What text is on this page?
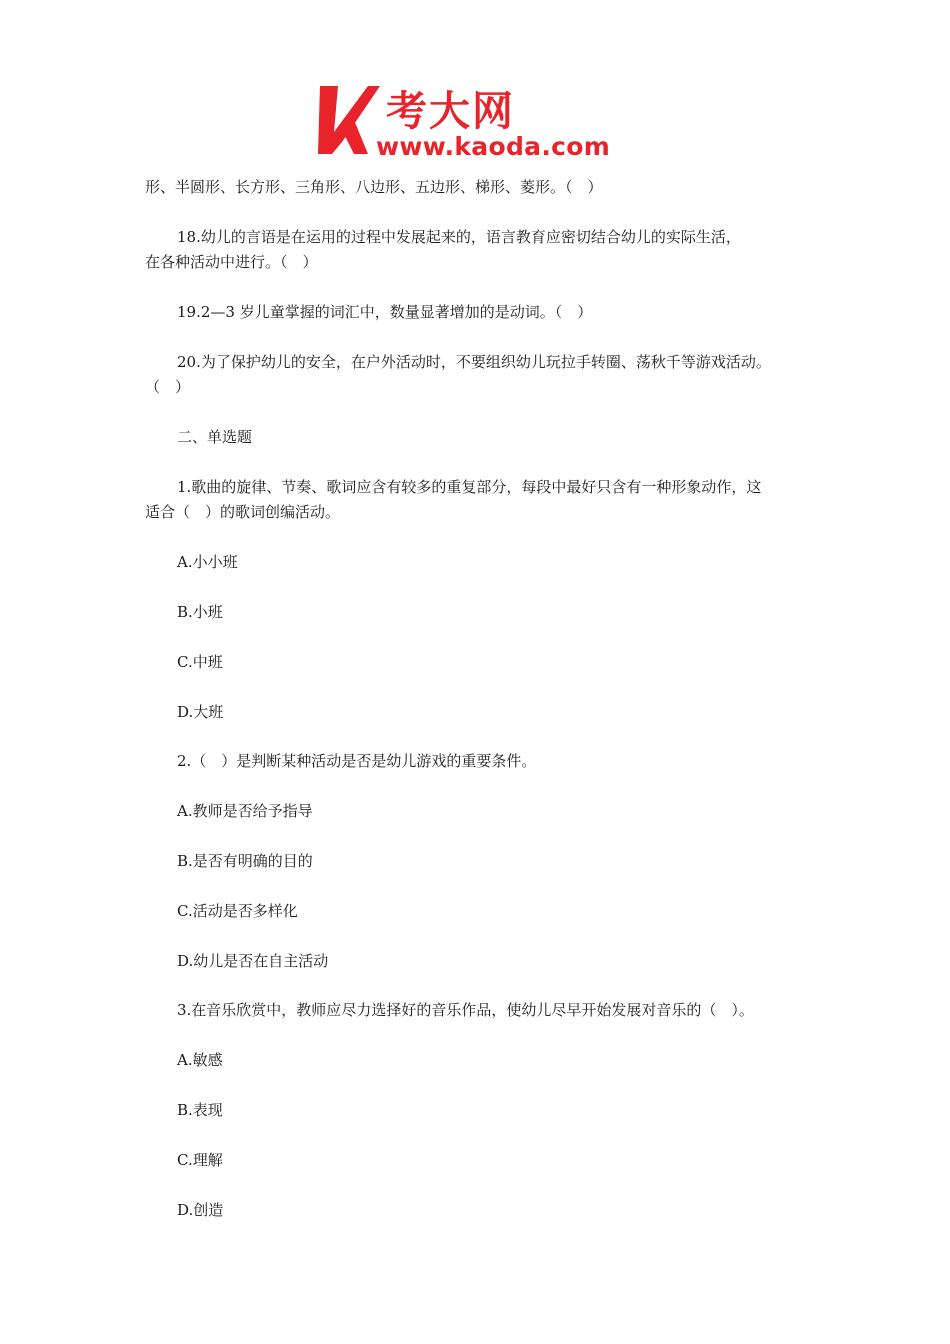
考大网
www.kaoda.com
形、半圆形、长方形、三角形、八边形、五边形、梯形、菱形。（　）
18.幼儿的言语是在运用的过程中发展起来的，语言教育应密切结合幼儿的实际生活，
在各种活动中进行。（　）
19.2—3 岁儿童掌握的词汇中，数量显著增加的是动词。（　）
20.为了保护幼儿的安全，在户外活动时，不要组织幼儿玩拉手转圈、荡秋千等游戏活动。
（　）
二、单选题
1.歌曲的旋律、节奏、歌词应含有较多的重复部分，每段中最好只含有一种形象动作，这
适合（　）的歌词创编活动。
A.小小班
B.小班
C.中班
D.大班
2.（　）是判断某种活动是否是幼儿游戏的重要条件。
A.教师是否给予指导
B.是否有明确的目的
C.活动是否多样化
D.幼儿是否在自主活动
3.在音乐欣赏中，教师应尽力选择好的音乐作品，使幼儿尽早开始发展对音乐的（　）。
A.敏感
B.表现
C.理解
D.创造
